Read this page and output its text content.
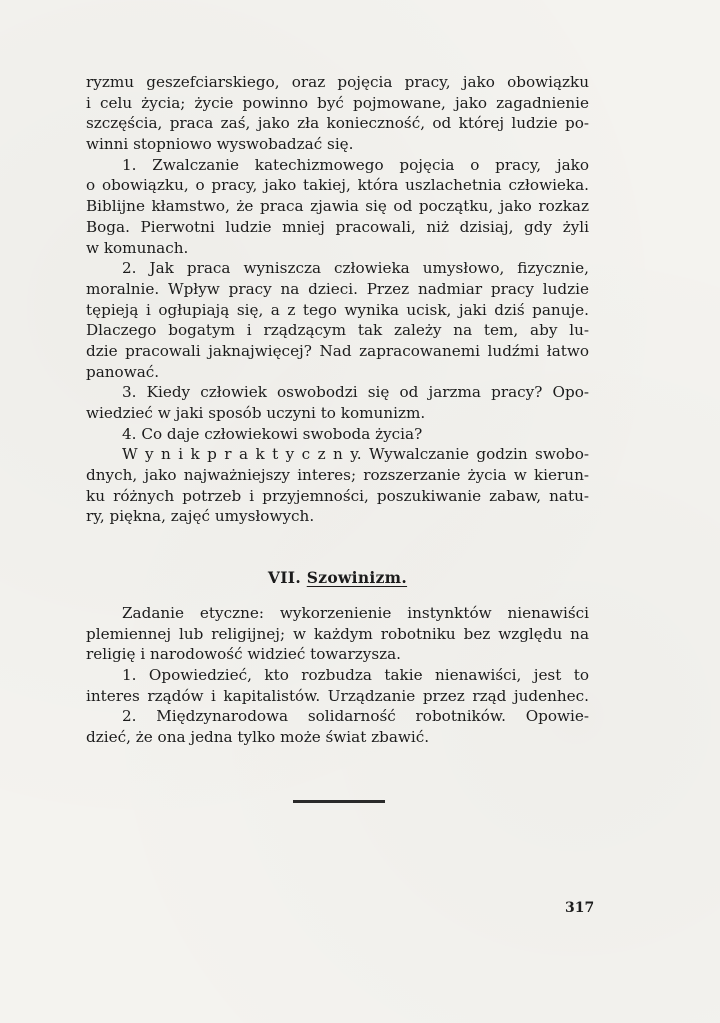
ryzmu geszefciarskiego, oraz pojęcia pracy, jako obowiązku
i celu życia; życie powinno być pojmowane, jako zagadnienie
szczęścia, praca zaś, jako zła konieczność, od której ludzie po-
winni stopniowo wyswobadzać się.
1. Zwalczanie katechizmowego pojęcia o pracy, jako
o obowiązku, o pracy, jako takiej, która uszlachetnia człowieka.
Biblijne kłamstwo, że praca zjawia się od początku, jako rozkaz
Boga. Pierwotni ludzie mniej pracowali, niż dzisiaj, gdy żyli
w komunach.
2. Jak praca wyniszcza człowieka umysłowo, fizycznie,
moralnie. Wpływ pracy na dzieci. Przez nadmiar pracy ludzie
tępieją i ogłupiają się, a z tego wynika ucisk, jaki dziś panuje.
Dlaczego bogatym i rządzącym tak zależy na tem, aby lu-
dzie pracowali jaknajwięcej? Nad zapracowanemi ludźmi łatwo
panować.
3. Kiedy człowiek oswobodzi się od jarzma pracy? Opo-
wiedzieć w jaki sposób uczyni to komunizm.
4. Co daje człowiekowi swoboda życia?
W y n i k p r a k t y c z n y. Wywalczanie godzin swobo-
dnych, jako najważniejszy interes; rozszerzanie życia w kierun-
ku różnych potrzeb i przyjemności, poszukiwanie zabaw, natu-
ry, piękna, zajęć umysłowych.
VII. Szowinizm.
Zadanie etyczne: wykorzenienie instynktów nienawiści
plemiennej lub religijnej; w każdym robotniku bez względu na
religię i narodowość widzieć towarzysza.
1. Opowiedzieć, kto rozbudza takie nienawiści, jest to
interes rządów i kapitalistów. Urządzanie przez rząd judenhec.
2. Międzynarodowa solidarność robotników. Opowie-
dzieć, że ona jedna tylko może świat zbawić.
317
